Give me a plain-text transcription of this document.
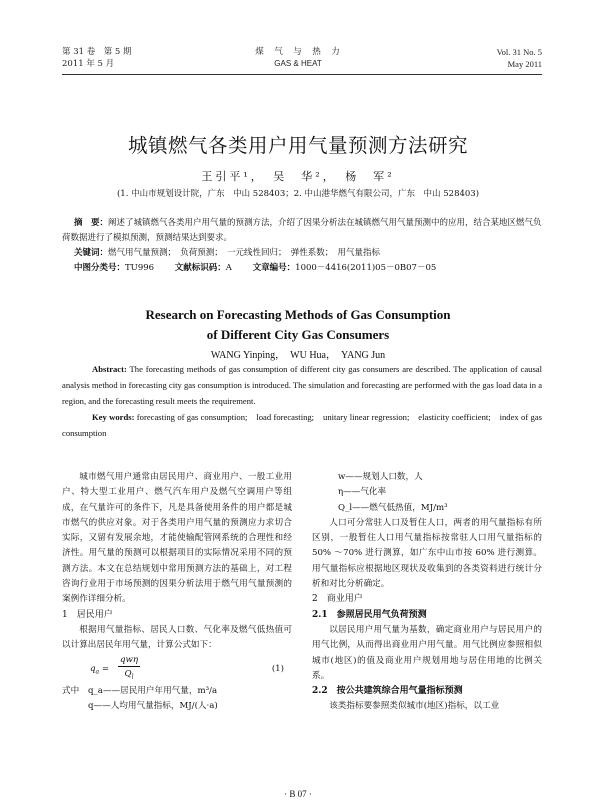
第 31 卷　第 5 期
2011 年 5 月
煤　气　与　热　力
GAS & HEAT
Vol. 31 No. 5
May 2011
城镇燃气各类用户用气量预测方法研究
王引平¹，　吴　华²，　杨　军²
(1. 中山市规划设计院，广东　中山 528403；2. 中山港华燃气有限公司，广东　中山 528403)
摘　要：阐述了城镇燃气各类用户用气量的预测方法，介绍了因果分析法在城镇燃气用气量预测中的应用，结合某地区燃气负荷数据进行了模拟预测，预测结果达到要求。
关键词：燃气用气量预测；　负荷预测；　一元线性回归；　弹性系数；　用气量指标
中图分类号：TU996 文献标识码：A 文章编号：1000－4416(2011)05－0B07－05
Research on Forecasting Methods of Gas Consumption
of Different City Gas Consumers
WANG Yinping，　WU Hua，　YANG Jun
Abstract: The forecasting methods of gas consumption of different city gas consumers are described. The application of causal analysis method in forecasting city gas consumption is introduced. The simulation and forecasting are performed with the gas load data in a region, and the forecasting result meets the requirement.
Key words: forecasting of gas consumption;　load forecasting;　unitary linear regression;　elasticity coefficient;　index of gas consumption

城市燃气用户通常由居民用户、商业用户、一般工业用户、特大型工业用户、燃气汽车用户及燃气空调用户等组成，在气量许可的条件下，凡是具备使用条件的用户都是城市燃气的供应对象。对于各类用户用气量的预测应力求切合实际，又留有发展余地，才能使输配管网系统的合理性和经济性。用气量的预测可以根据项目的实际情况采用不同的预测方法。本文在总结规划中常用预测方法的基础上，对工程咨询行业用于市场预测的因果分析法用于燃气用气量预测的案例作详细分析。

1　居民用户

根据用气量指标、居民人口数、气化率及燃气低热值可以计算出居民年用气量，计算公式如下：

$q_a$ =
qwη
$Q_l$
(1)
式中	q_a——居民用户年用气量，m³/a
q——人均用气量指标，MJ/(人·a)
w——规划人口数，人
η——气化率
Q_l——燃气低热值，MJ/m³

人口可分常驻人口及暂住人口，两者的用气量指标有所区别，一般暂住人口用气量指标按常驻人口用气量指标的 50% ～70% 进行测算，如广东中山市按 60% 进行测算。用气量指标应根据地区现状及收集到的各类资料进行统计分析和对比分析确定。

2　商业用户

2.1　参照居民用气负荷预测

以居民用户用气量为基数，确定商业用户与居民用户的用气比例，从而得出商业用户用气量。用气比例应参照相似城市(地区)的值及商业用户规划用地与居住用地的比例关系。

2.2　按公共建筑综合用气量指标预测

该类指标要参照类似城市(地区)指标，以工业

· B 07 ·
